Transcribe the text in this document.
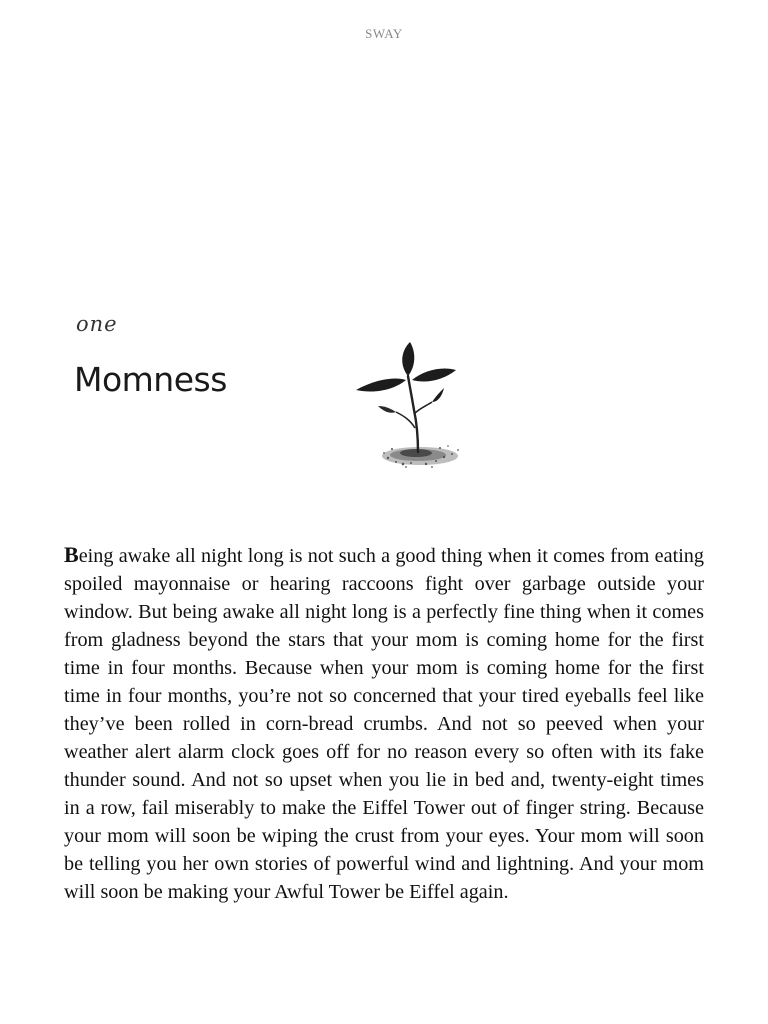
SWAY
one
Momness

Being awake all night long is not such a good thing when it comes from eating spoiled mayonnaise or hearing raccoons fight over garbage outside your window. But being awake all night long is a perfectly fine thing when it comes from gladness beyond the stars that your mom is coming home for the first time in four months. Because when your mom is coming home for the first time in four months, you’re not so concerned that your tired eyeballs feel like they’ve been rolled in corn-bread crumbs. And not so peeved when your weather alert alarm clock goes off for no reason every so often with its fake thunder sound. And not so upset when you lie in bed and, twenty-eight times in a row, fail miserably to make the Eiffel Tower out of finger string. Because your mom will soon be wiping the crust from your eyes. Your mom will soon be telling you her own stories of powerful wind and lightning. And your mom will soon be making your Awful Tower be Eiffel again.
